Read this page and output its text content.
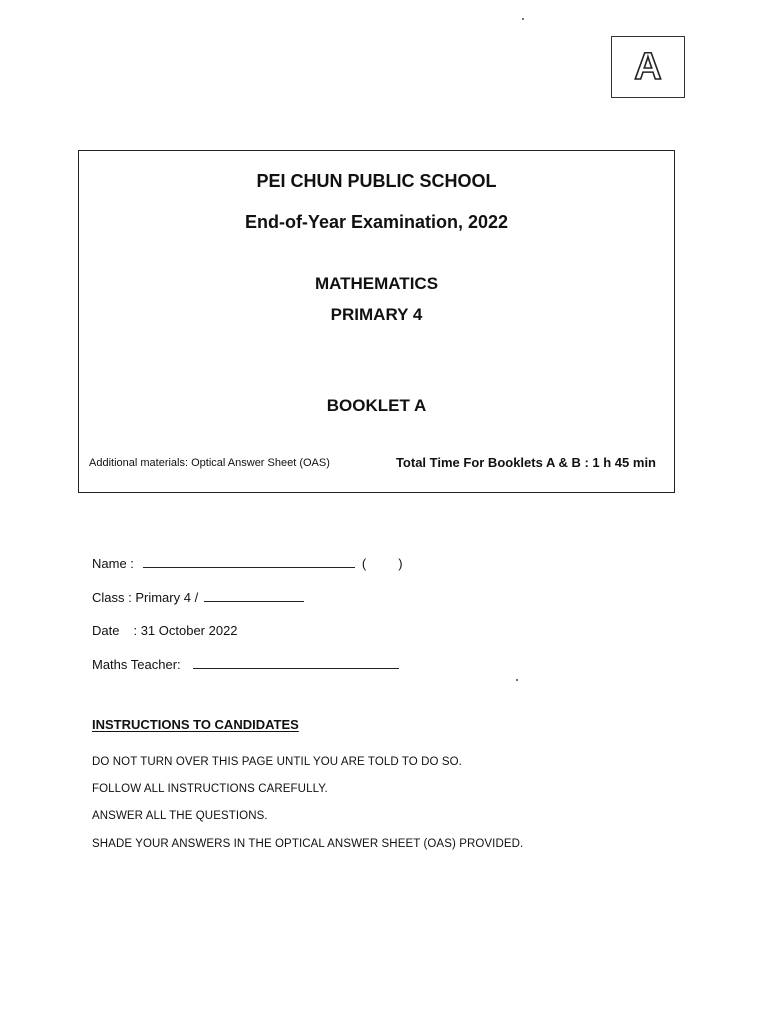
A
PEI CHUN PUBLIC SCHOOL
End-of-Year Examination, 2022
MATHEMATICS
PRIMARY 4
BOOKLET A
Additional materials: Optical Answer Sheet (OAS)	Total Time For Booklets A & B : 1 h 45 min
Name :	( )
Class : Primary 4 /
Date : 31 October 2022
Maths Teacher:
INSTRUCTIONS TO CANDIDATES
DO NOT TURN OVER THIS PAGE UNTIL YOU ARE TOLD TO DO SO.
FOLLOW ALL INSTRUCTIONS CAREFULLY.
ANSWER ALL THE QUESTIONS.
SHADE YOUR ANSWERS IN THE OPTICAL ANSWER SHEET (OAS) PROVIDED.
